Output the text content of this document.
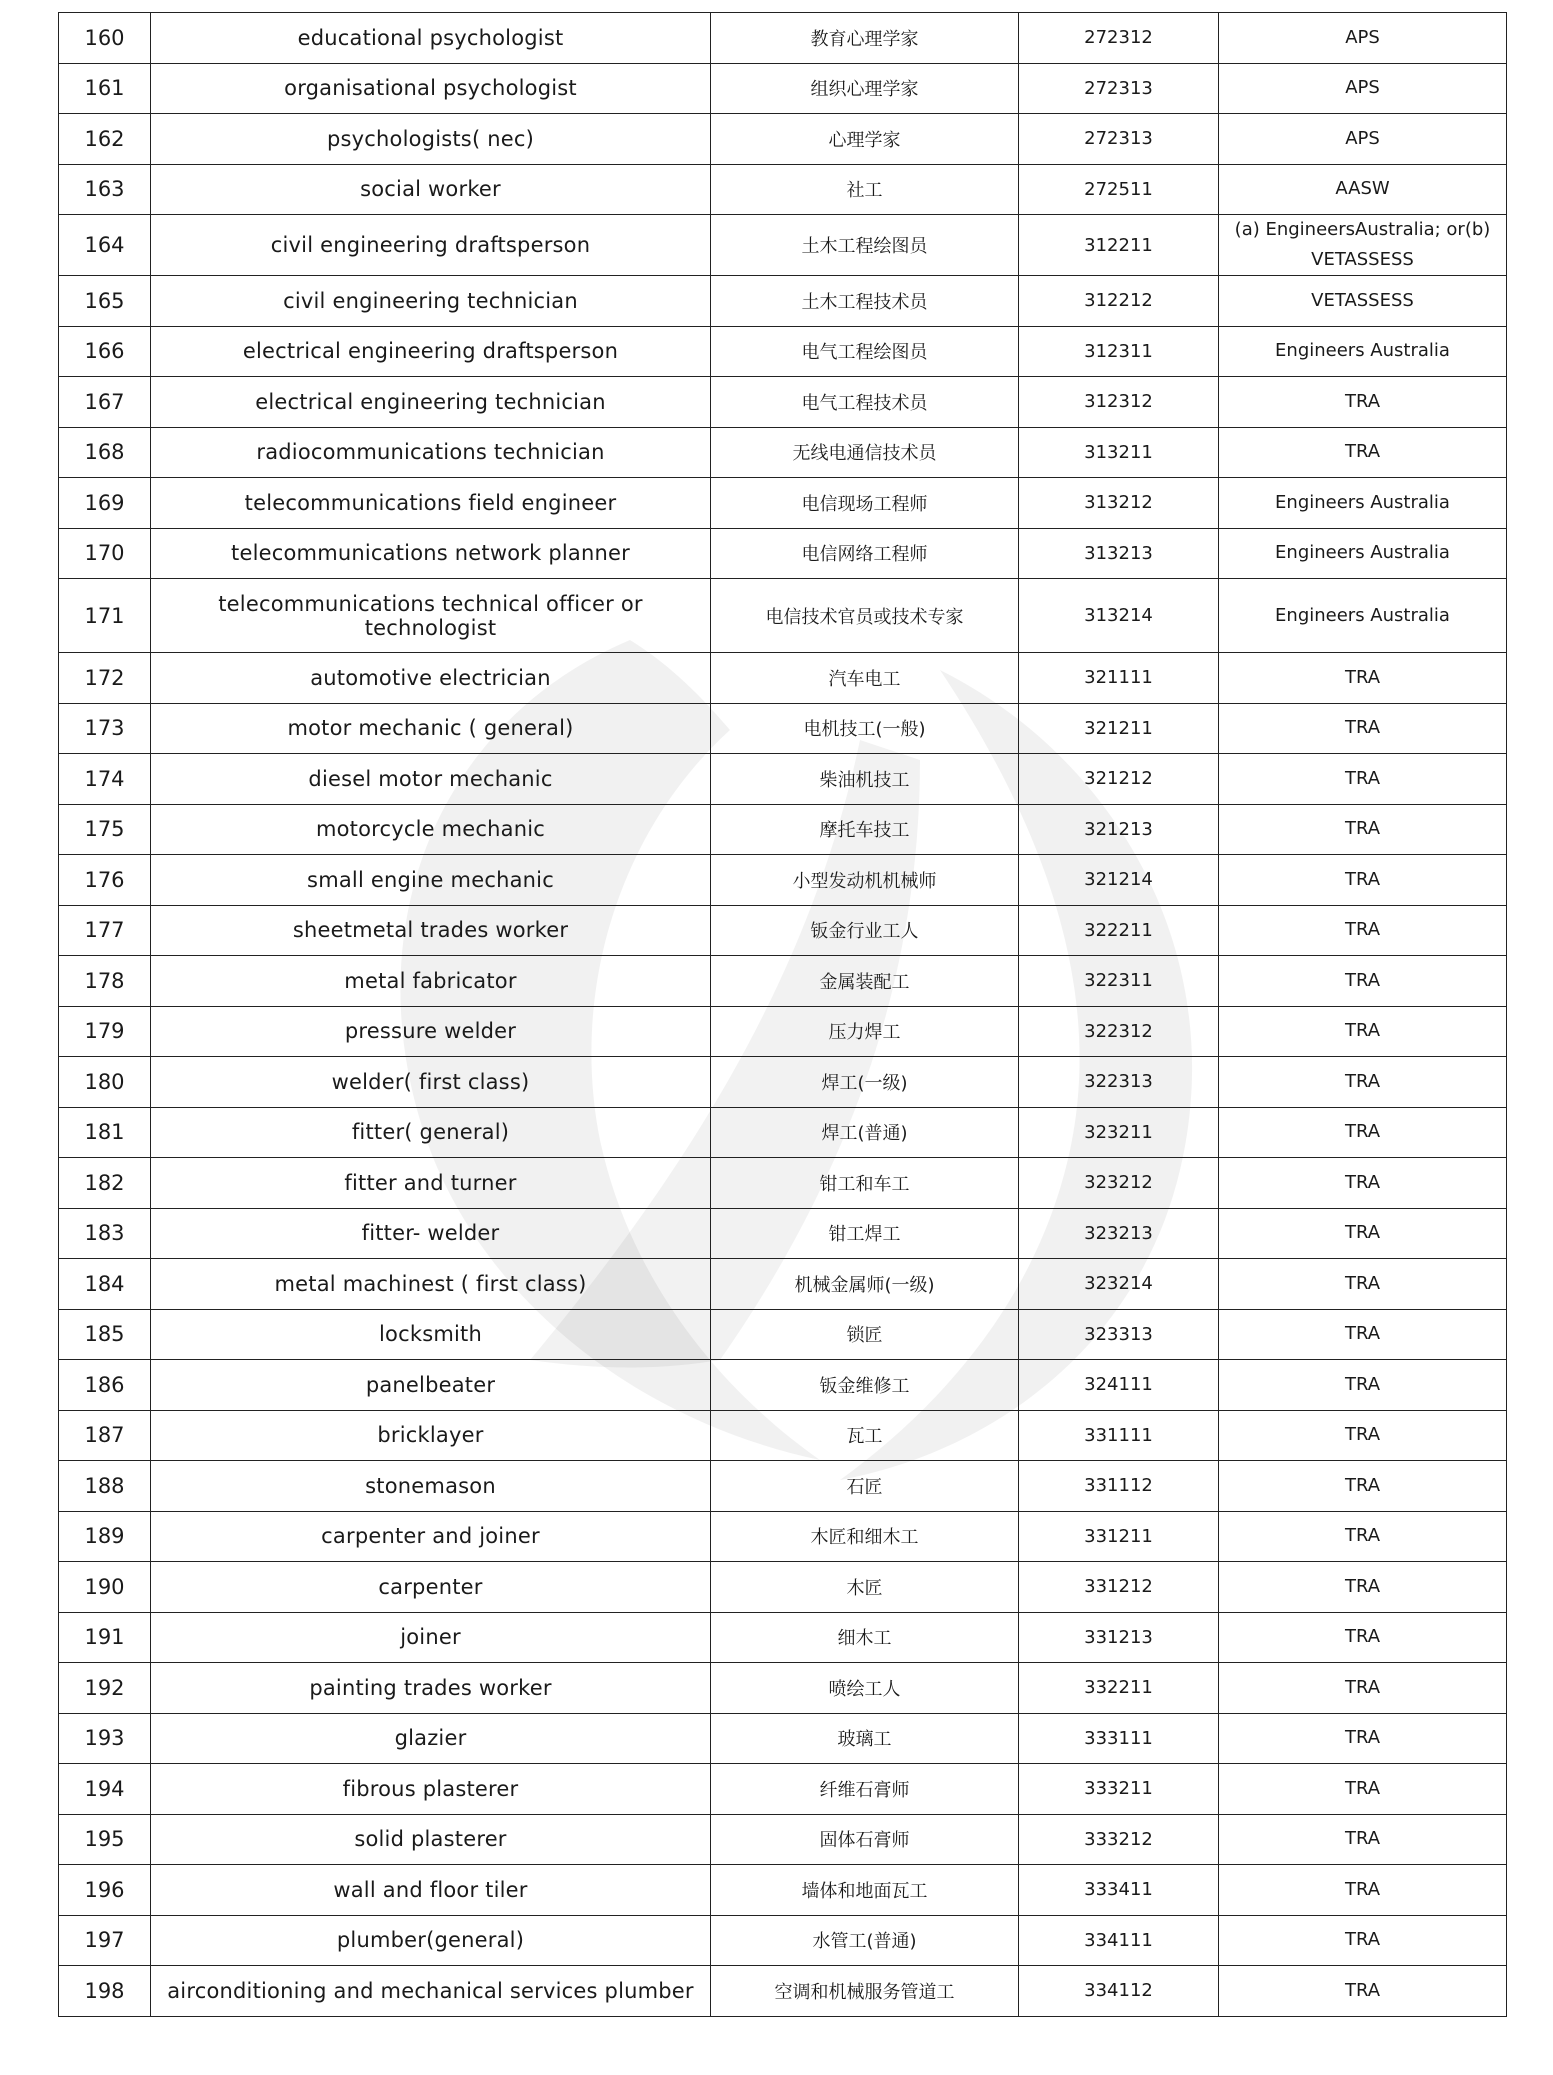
160	educational psychologist	教育心理学家	272312	APS
161	organisational psychologist	组织心理学家	272313	APS
162	psychologists( nec)	心理学家	272313	APS
163	social worker	社工	272511	AASW
164	civil engineering draftsperson	土木工程绘图员	312211	(a) EngineersAustralia; or(b) VETASSESS
165	civil engineering technician	土木工程技术员	312212	VETASSESS
166	electrical engineering draftsperson	电气工程绘图员	312311	Engineers Australia
167	electrical engineering technician	电气工程技术员	312312	TRA
168	radiocommunications technician	无线电通信技术员	313211	TRA
169	telecommunications field engineer	电信现场工程师	313212	Engineers Australia
170	telecommunications network planner	电信网络工程师	313213	Engineers Australia
171	telecommunications technical officer or technologist	电信技术官员或技术专家	313214	Engineers Australia
172	automotive electrician	汽车电工	321111	TRA
173	motor mechanic ( general)	电机技工(一般)	321211	TRA
174	diesel motor mechanic	柴油机技工	321212	TRA
175	motorcycle mechanic	摩托车技工	321213	TRA
176	small engine mechanic	小型发动机机械师	321214	TRA
177	sheetmetal trades worker	钣金行业工人	322211	TRA
178	metal fabricator	金属装配工	322311	TRA
179	pressure welder	压力焊工	322312	TRA
180	welder( first class)	焊工(一级)	322313	TRA
181	fitter( general)	焊工(普通)	323211	TRA
182	fitter and turner	钳工和车工	323212	TRA
183	fitter- welder	钳工焊工	323213	TRA
184	metal machinest ( first class)	机械金属师(一级)	323214	TRA
185	locksmith	锁匠	323313	TRA
186	panelbeater	钣金维修工	324111	TRA
187	bricklayer	瓦工	331111	TRA
188	stonemason	石匠	331112	TRA
189	carpenter and joiner	木匠和细木工	331211	TRA
190	carpenter	木匠	331212	TRA
191	joiner	细木工	331213	TRA
192	painting trades worker	喷绘工人	332211	TRA
193	glazier	玻璃工	333111	TRA
194	fibrous plasterer	纤维石膏师	333211	TRA
195	solid plasterer	固体石膏师	333212	TRA
196	wall and floor tiler	墙体和地面瓦工	333411	TRA
197	plumber(general)	水管工(普通)	334111	TRA
198	airconditioning and mechanical services plumber	空调和机械服务管道工	334112	TRA
